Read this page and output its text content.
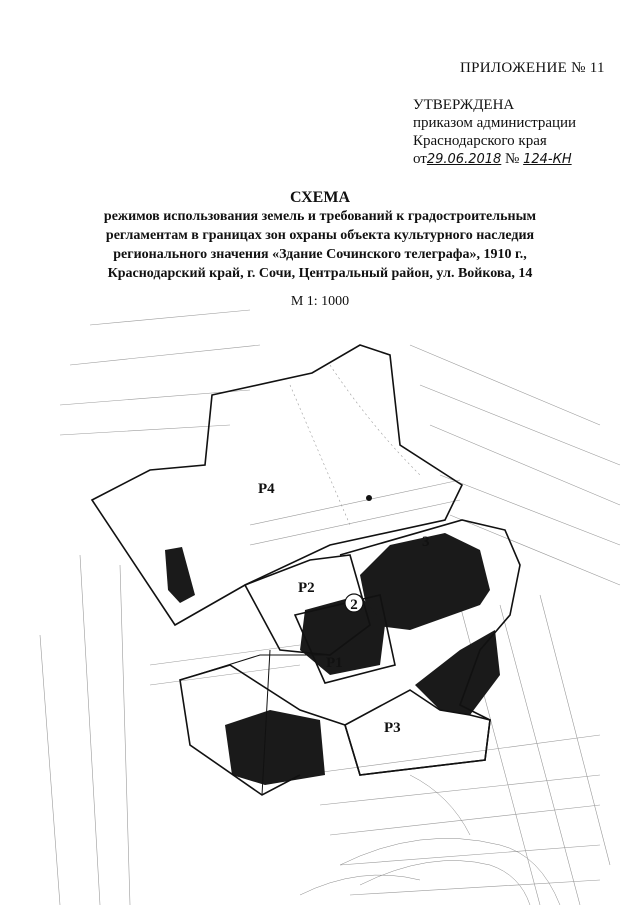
ПРИЛОЖЕНИЕ № 11
УТВЕРЖДЕНА
приказом администрации
Краснодарского края
от29.06.2018 № 124-КН
СХЕМА
режимов использования земель и требований к градостроительным
регламентам в границах зон охраны объекта культурного наследия
регионального значения «Здание Сочинского телеграфа», 1910 г.,
Краснодарский край, г. Сочи, Центральный район, ул. Войкова, 14
М 1: 1000
Р4
Р2
Р1
Р3
2
3
